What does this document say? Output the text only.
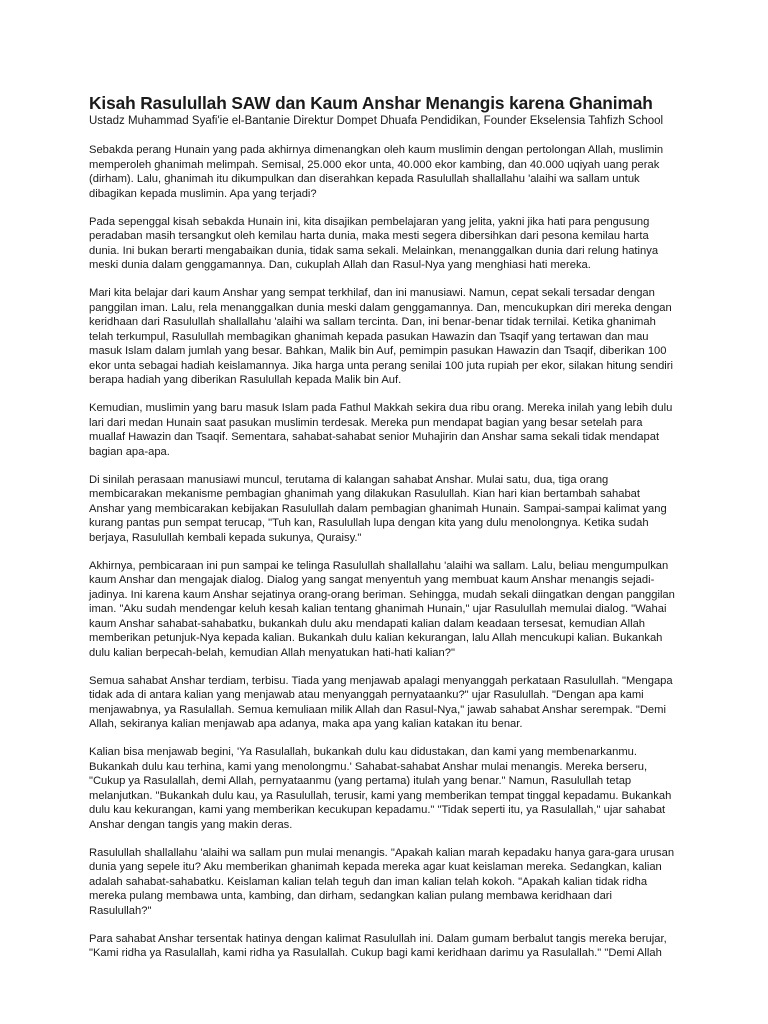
Kisah Rasulullah SAW dan Kaum Anshar Menangis karena Ghanimah

Ustadz Muhammad Syafi'ie el-Bantanie Direktur Dompet Dhuafa Pendidikan, Founder Ekselensia Tahfizh School

Sebakda perang Hunain yang pada akhirnya dimenangkan oleh kaum muslimin dengan pertolongan Allah, muslimin memperoleh ghanimah melimpah. Semisal, 25.000 ekor unta, 40.000 ekor kambing, dan 40.000 uqiyah uang perak (dirham). Lalu, ghanimah itu dikumpulkan dan diserahkan kepada Rasulullah shallallahu 'alaihi wa sallam untuk dibagikan kepada muslimin. Apa yang terjadi?

Pada sepenggal kisah sebakda Hunain ini, kita disajikan pembelajaran yang jelita, yakni jika hati para pengusung peradaban masih tersangkut oleh kemilau harta dunia, maka mesti segera dibersihkan dari pesona kemilau harta dunia. Ini bukan berarti mengabaikan dunia, tidak sama sekali. Melainkan, menanggalkan dunia dari relung hatinya meski dunia dalam genggamannya. Dan, cukuplah Allah dan Rasul-Nya yang menghiasi hati mereka.

Mari kita belajar dari kaum Anshar yang sempat terkhilaf, dan ini manusiawi. Namun, cepat sekali tersadar dengan panggilan iman. Lalu, rela menanggalkan dunia meski dalam genggamannya. Dan, mencukupkan diri mereka dengan keridhaan dari Rasulullah shallallahu 'alaihi wa sallam tercinta. Dan, ini benar-benar tidak ternilai. Ketika ghanimah telah terkumpul, Rasulullah membagikan ghanimah kepada pasukan Hawazin dan Tsaqif yang tertawan dan mau masuk Islam dalam jumlah yang besar. Bahkan, Malik bin Auf, pemimpin pasukan Hawazin dan Tsaqif, diberikan 100 ekor unta sebagai hadiah keislamannya. Jika harga unta perang senilai 100 juta rupiah per ekor, silakan hitung sendiri berapa hadiah yang diberikan Rasulullah kepada Malik bin Auf.

Kemudian, muslimin yang baru masuk Islam pada Fathul Makkah sekira dua ribu orang. Mereka inilah yang lebih dulu lari dari medan Hunain saat pasukan muslimin terdesak. Mereka pun mendapat bagian yang besar setelah para muallaf Hawazin dan Tsaqif. Sementara, sahabat-sahabat senior Muhajirin dan Anshar sama sekali tidak mendapat bagian apa-apa.

Di sinilah perasaan manusiawi muncul, terutama di kalangan sahabat Anshar. Mulai satu, dua, tiga orang membicarakan mekanisme pembagian ghanimah yang dilakukan Rasulullah. Kian hari kian bertambah sahabat Anshar yang membicarakan kebijakan Rasulullah dalam pembagian ghanimah Hunain. Sampai-sampai kalimat yang kurang pantas pun sempat terucap, "Tuh kan, Rasulullah lupa dengan kita yang dulu menolongnya. Ketika sudah berjaya, Rasulullah kembali kepada sukunya, Quraisy."

Akhirnya, pembicaraan ini pun sampai ke telinga Rasulullah shallallahu 'alaihi wa sallam. Lalu, beliau mengumpulkan kaum Anshar dan mengajak dialog. Dialog yang sangat menyentuh yang membuat kaum Anshar menangis sejadi-jadinya. Ini karena kaum Anshar sejatinya orang-orang beriman. Sehingga, mudah sekali diingatkan dengan panggilan iman. "Aku sudah mendengar keluh kesah kalian tentang ghanimah Hunain," ujar Rasulullah memulai dialog. "Wahai kaum Anshar sahabat-sahabatku, bukankah dulu aku mendapati kalian dalam keadaan tersesat, kemudian Allah memberikan petunjuk-Nya kepada kalian. Bukankah dulu kalian kekurangan, lalu Allah mencukupi kalian. Bukankah dulu kalian berpecah-belah, kemudian Allah menyatukan hati-hati kalian?"

Semua sahabat Anshar terdiam, terbisu. Tiada yang menjawab apalagi menyanggah perkataan Rasulullah. "Mengapa tidak ada di antara kalian yang menjawab atau menyanggah pernyataanku?" ujar Rasulullah. "Dengan apa kami menjawabnya, ya Rasulallah. Semua kemuliaan milik Allah dan Rasul-Nya," jawab sahabat Anshar serempak. "Demi Allah, sekiranya kalian menjawab apa adanya, maka apa yang kalian katakan itu benar.

Kalian bisa menjawab begini, 'Ya Rasulallah, bukankah dulu kau didustakan, dan kami yang membenarkanmu. Bukankah dulu kau terhina, kami yang menolongmu.' Sahabat-sahabat Anshar mulai menangis. Mereka berseru, "Cukup ya Rasulallah, demi Allah, pernyataanmu (yang pertama) itulah yang benar." Namun, Rasulullah tetap melanjutkan. "Bukankah dulu kau, ya Rasulullah, terusir, kami yang memberikan tempat tinggal kepadamu. Bukankah dulu kau kekurangan, kami yang memberikan kecukupan kepadamu." "Tidak seperti itu, ya Rasulallah," ujar sahabat Anshar dengan tangis yang makin deras.

Rasulullah shallallahu 'alaihi wa sallam pun mulai menangis. "Apakah kalian marah kepadaku hanya gara-gara urusan dunia yang sepele itu? Aku memberikan ghanimah kepada mereka agar kuat keislaman mereka. Sedangkan, kalian adalah sahabat-sahabatku. Keislaman kalian telah teguh dan iman kalian telah kokoh. "Apakah kalian tidak ridha mereka pulang membawa unta, kambing, dan dirham, sedangkan kalian pulang membawa keridhaan dari Rasulullah?"

Para sahabat Anshar tersentak hatinya dengan kalimat Rasulullah ini. Dalam gumam berbalut tangis mereka berujar, "Kami ridha ya Rasulallah, kami ridha ya Rasulallah. Cukup bagi kami keridhaan darimu ya Rasulallah." "Demi Allah
